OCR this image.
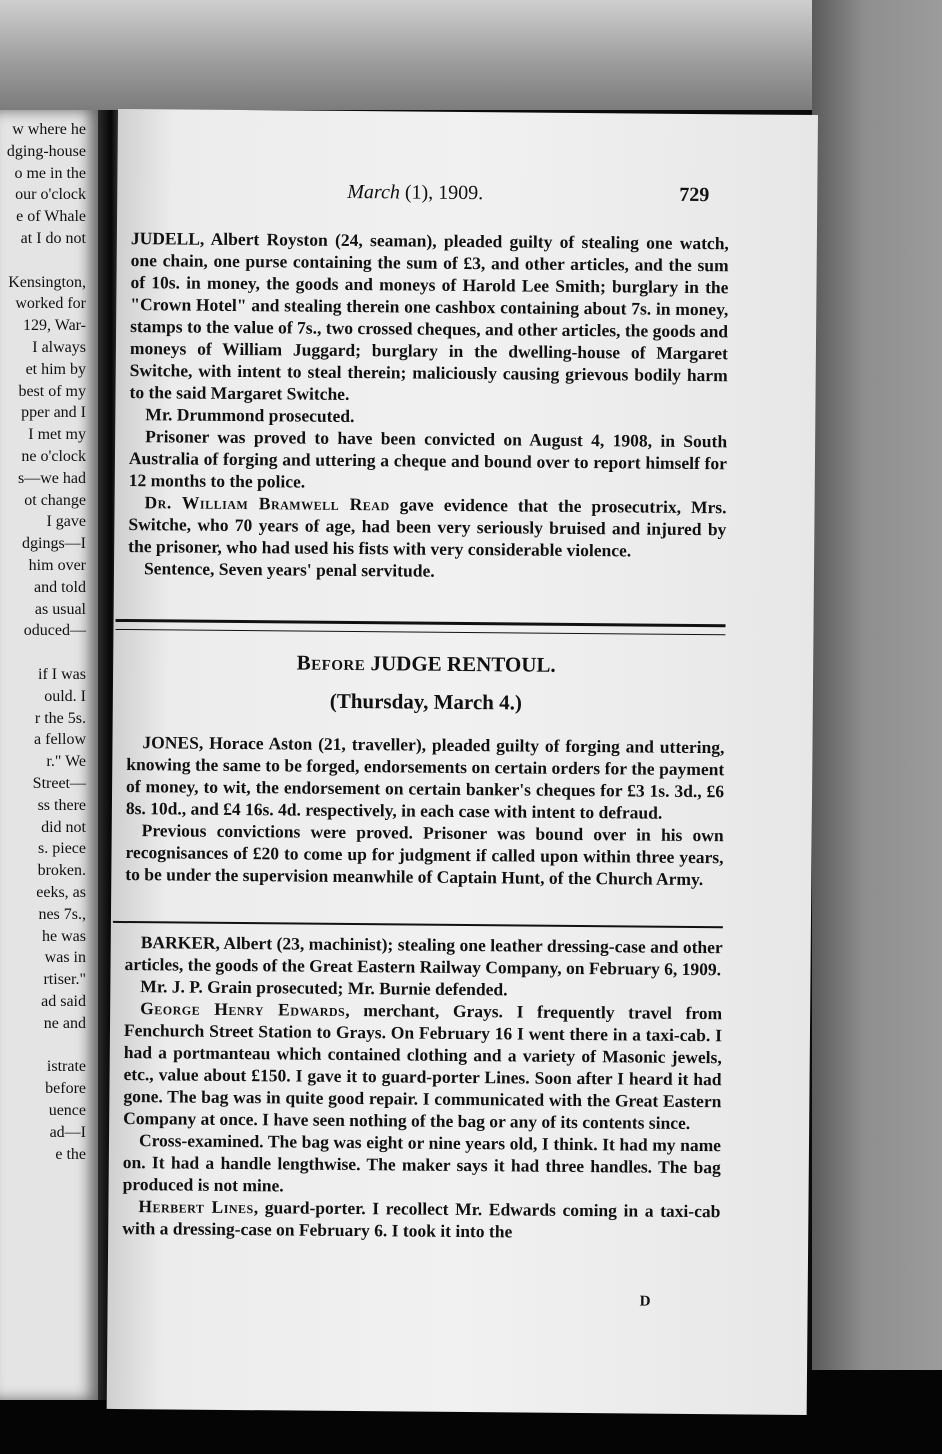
w where he
dging-house
o me in the
our o'clock
e of Whale
at I do not
Kensington,
worked for
129, War-
I always
et him by
best of my
pper and I
I met my
ne o'clock
s—we had
ot change
I gave
dgings—I
him over
and told
as usual
oduced—
if I was
ould. I
r the 5s.
a fellow
r." We
Street—
ss there
did not
s. piece
broken.
eeks, as
nes 7s.,
he was
was in
rtiser."
ad said
ne and
istrate
before
uence
ad—I
e the
March (1), 1909.	729

JUDELL, Albert Royston (24, seaman), pleaded guilty of stealing one watch, one chain, one purse containing the sum of £3, and other articles, and the sum of 10s. in money, the goods and moneys of Harold Lee Smith; burglary in the "Crown Hotel" and stealing therein one cashbox containing about 7s. in money, stamps to the value of 7s., two crossed cheques, and other articles, the goods and moneys of William Juggard; burglary in the dwelling-house of Margaret Switche, with intent to steal therein; maliciously causing grievous bodily harm to the said Margaret Switche.

Mr. Drummond prosecuted.

Prisoner was proved to have been convicted on August 4, 1908, in South Australia of forging and uttering a cheque and bound over to report himself for 12 months to the police.

Dr. William Bramwell Read gave evidence that the prosecutrix, Mrs. Switche, who 70 years of age, had been very seriously bruised and injured by the prisoner, who had used his fists with very considerable violence.

Sentence, Seven years' penal servitude.

Before JUDGE RENTOUL.
(Thursday, March 4.)

JONES, Horace Aston (21, traveller), pleaded guilty of forging and uttering, knowing the same to be forged, endorsements on certain orders for the payment of money, to wit, the endorsement on certain banker's cheques for £3 1s. 3d., £6 8s. 10d., and £4 16s. 4d. respectively, in each case with intent to defraud.

Previous convictions were proved. Prisoner was bound over in his own recognisances of £20 to come up for judgment if called upon within three years, to be under the supervision meanwhile of Captain Hunt, of the Church Army.

BARKER, Albert (23, machinist); stealing one leather dressing-case and other articles, the goods of the Great Eastern Railway Company, on February 6, 1909.

Mr. J. P. Grain prosecuted; Mr. Burnie defended.

George Henry Edwards, merchant, Grays. I frequently travel from Fenchurch Street Station to Grays. On February 16 I went there in a taxi-cab. I had a portmanteau which contained clothing and a variety of Masonic jewels, etc., value about £150. I gave it to guard-porter Lines. Soon after I heard it had gone. The bag was in quite good repair. I communicated with the Great Eastern Company at once. I have seen nothing of the bag or any of its contents since.

Cross-examined. The bag was eight or nine years old, I think. It had my name on. It had a handle lengthwise. The maker says it had three handles. The bag produced is not mine.

Herbert Lines, guard-porter. I recollect Mr. Edwards coming in a taxi-cab with a dressing-case on February 6. I took it into the

D
